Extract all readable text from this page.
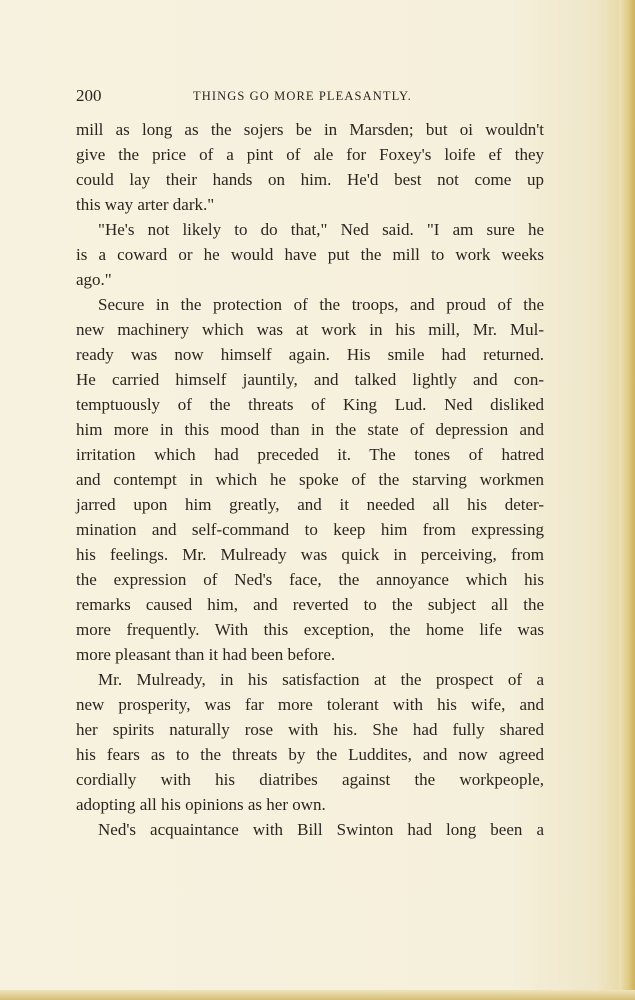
200	THINGS GO MORE PLEASANTLY.
mill as long as the sojers be in Marsden; but oi wouldn't
give the price of a pint of ale for Foxey's loife ef they
could lay their hands on him. He'd best not come up
this way arter dark."
"He's not likely to do that," Ned said. "I am sure he
is a coward or he would have put the mill to work weeks
ago."
Secure in the protection of the troops, and proud of the
new machinery which was at work in his mill, Mr. Mul-
ready was now himself again. His smile had returned.
He carried himself jauntily, and talked lightly and con-
temptuously of the threats of King Lud. Ned disliked
him more in this mood than in the state of depression and
irritation which had preceded it. The tones of hatred
and contempt in which he spoke of the starving workmen
jarred upon him greatly, and it needed all his deter-
mination and self-command to keep him from expressing
his feelings. Mr. Mulready was quick in perceiving, from
the expression of Ned's face, the annoyance which his
remarks caused him, and reverted to the subject all the
more frequently. With this exception, the home life was
more pleasant than it had been before.
Mr. Mulready, in his satisfaction at the prospect of a
new prosperity, was far more tolerant with his wife, and
her spirits naturally rose with his. She had fully shared
his fears as to the threats by the Luddites, and now agreed
cordially with his diatribes against the workpeople,
adopting all his opinions as her own.
Ned's acquaintance with Bill Swinton had long been a
